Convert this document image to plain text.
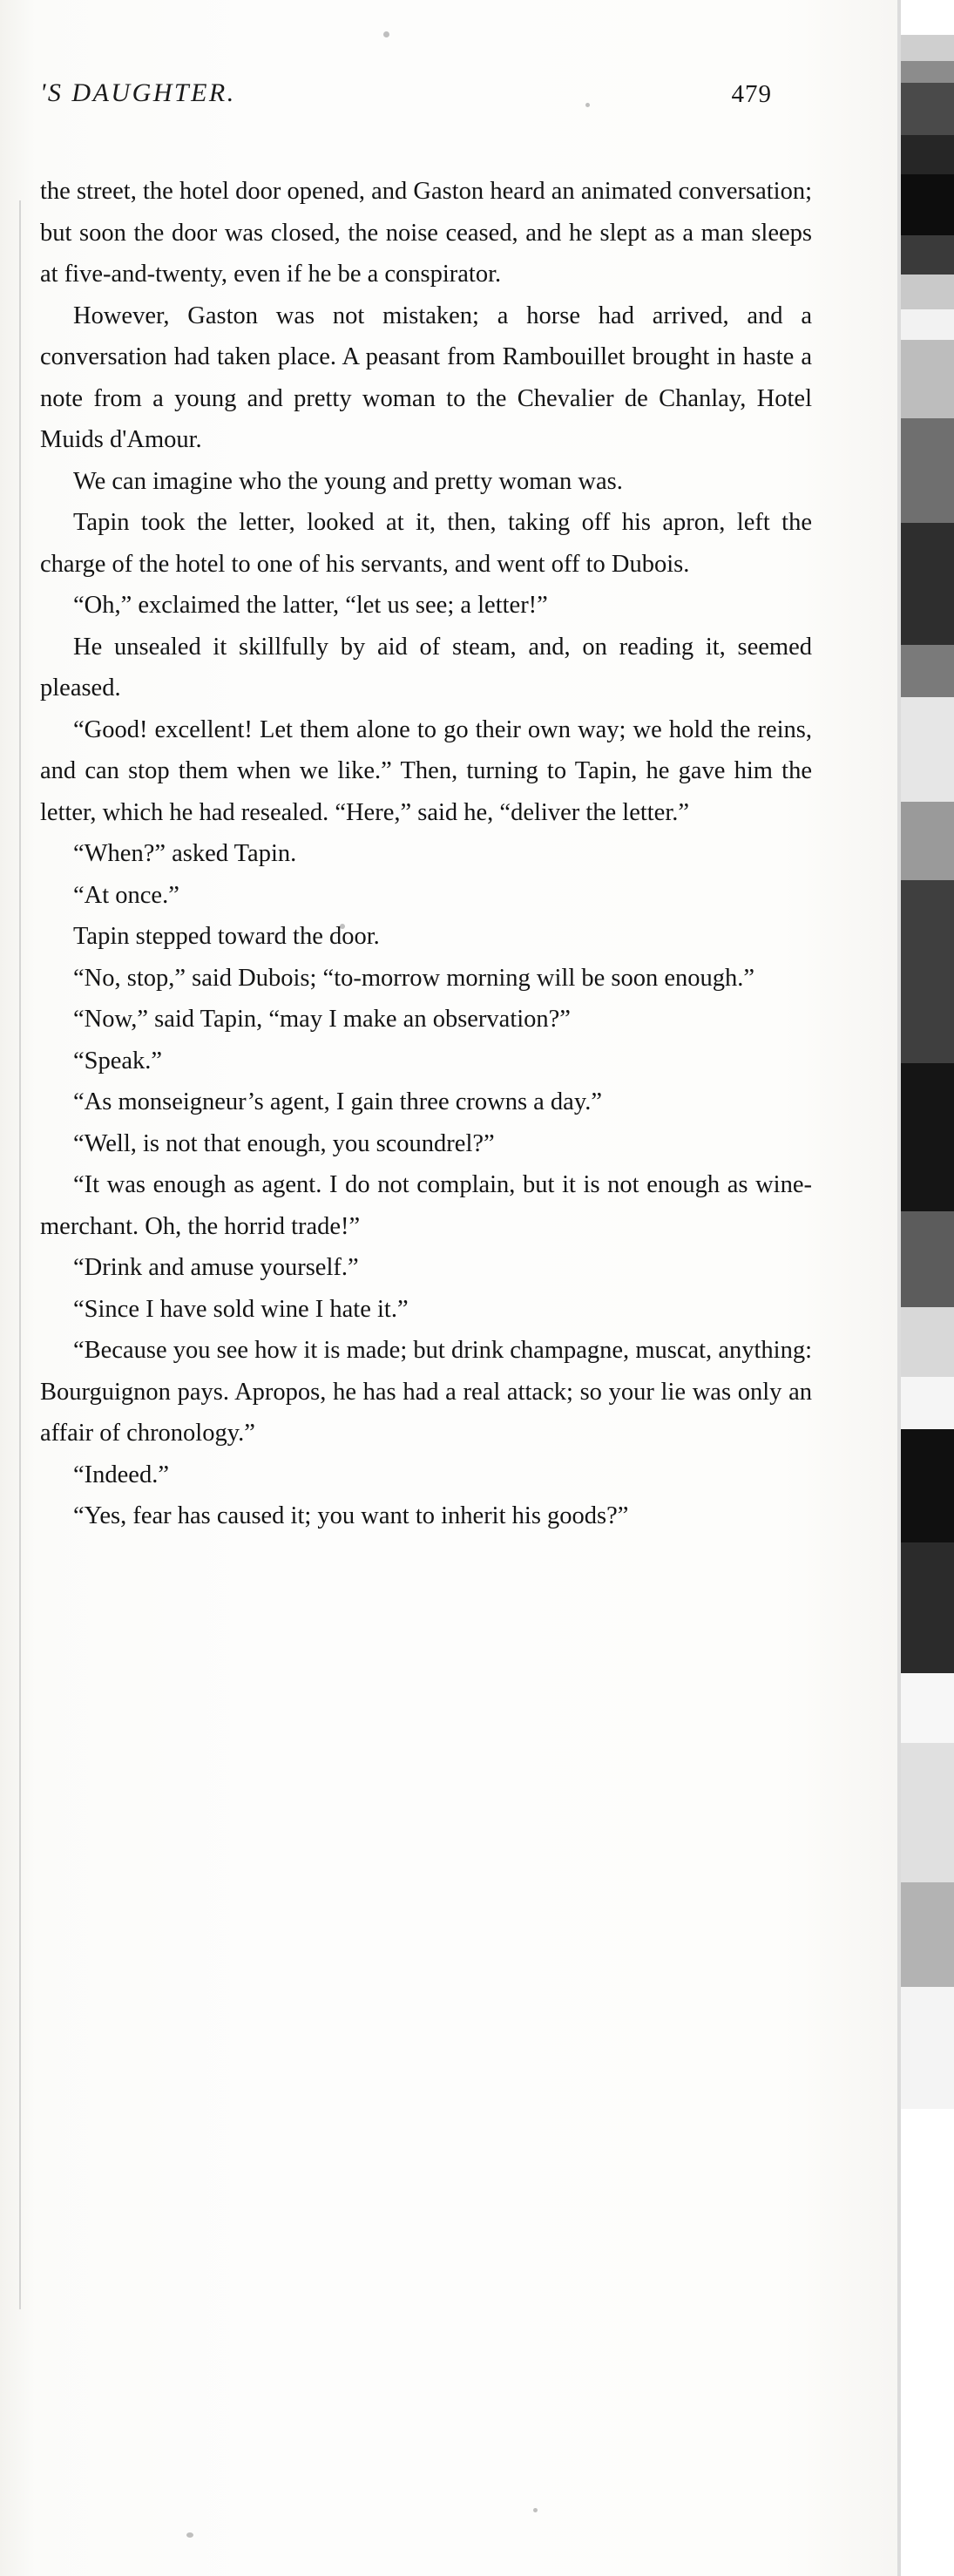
'S DAUGHTER.	479

the street, the hotel door opened, and Gaston heard an animated conversation; but soon the door was closed, the noise ceased, and he slept as a man sleeps at five-and-twenty, even if he be a conspirator.

However, Gaston was not mistaken; a horse had arrived, and a conversation had taken place. A peasant from Rambouillet brought in haste a note from a young and pretty woman to the Chevalier de Chanlay, Hotel Muids d'Amour.

We can imagine who the young and pretty woman was.

Tapin took the letter, looked at it, then, taking off his apron, left the charge of the hotel to one of his servants, and went off to Dubois.

“Oh,” exclaimed the latter, “let us see; a letter!”

He unsealed it skillfully by aid of steam, and, on reading it, seemed pleased.

“Good! excellent! Let them alone to go their own way; we hold the reins, and can stop them when we like.” Then, turning to Tapin, he gave him the letter, which he had resealed. “Here,” said he, “deliver the letter.”

“When?” asked Tapin.

“At once.”

Tapin stepped toward the door.

“No, stop,” said Dubois; “to-morrow morning will be soon enough.”

“Now,” said Tapin, “may I make an observation?”

“Speak.”

“As monseigneur’s agent, I gain three crowns a day.”

“Well, is not that enough, you scoundrel?”

“It was enough as agent. I do not complain, but it is not enough as wine-merchant. Oh, the horrid trade!”

“Drink and amuse yourself.”

“Since I have sold wine I hate it.”

“Because you see how it is made; but drink champagne, muscat, anything: Bourguignon pays. Apropos, he has had a real attack; so your lie was only an affair of chronology.”

“Indeed.”

“Yes, fear has caused it; you want to inherit his goods?”
